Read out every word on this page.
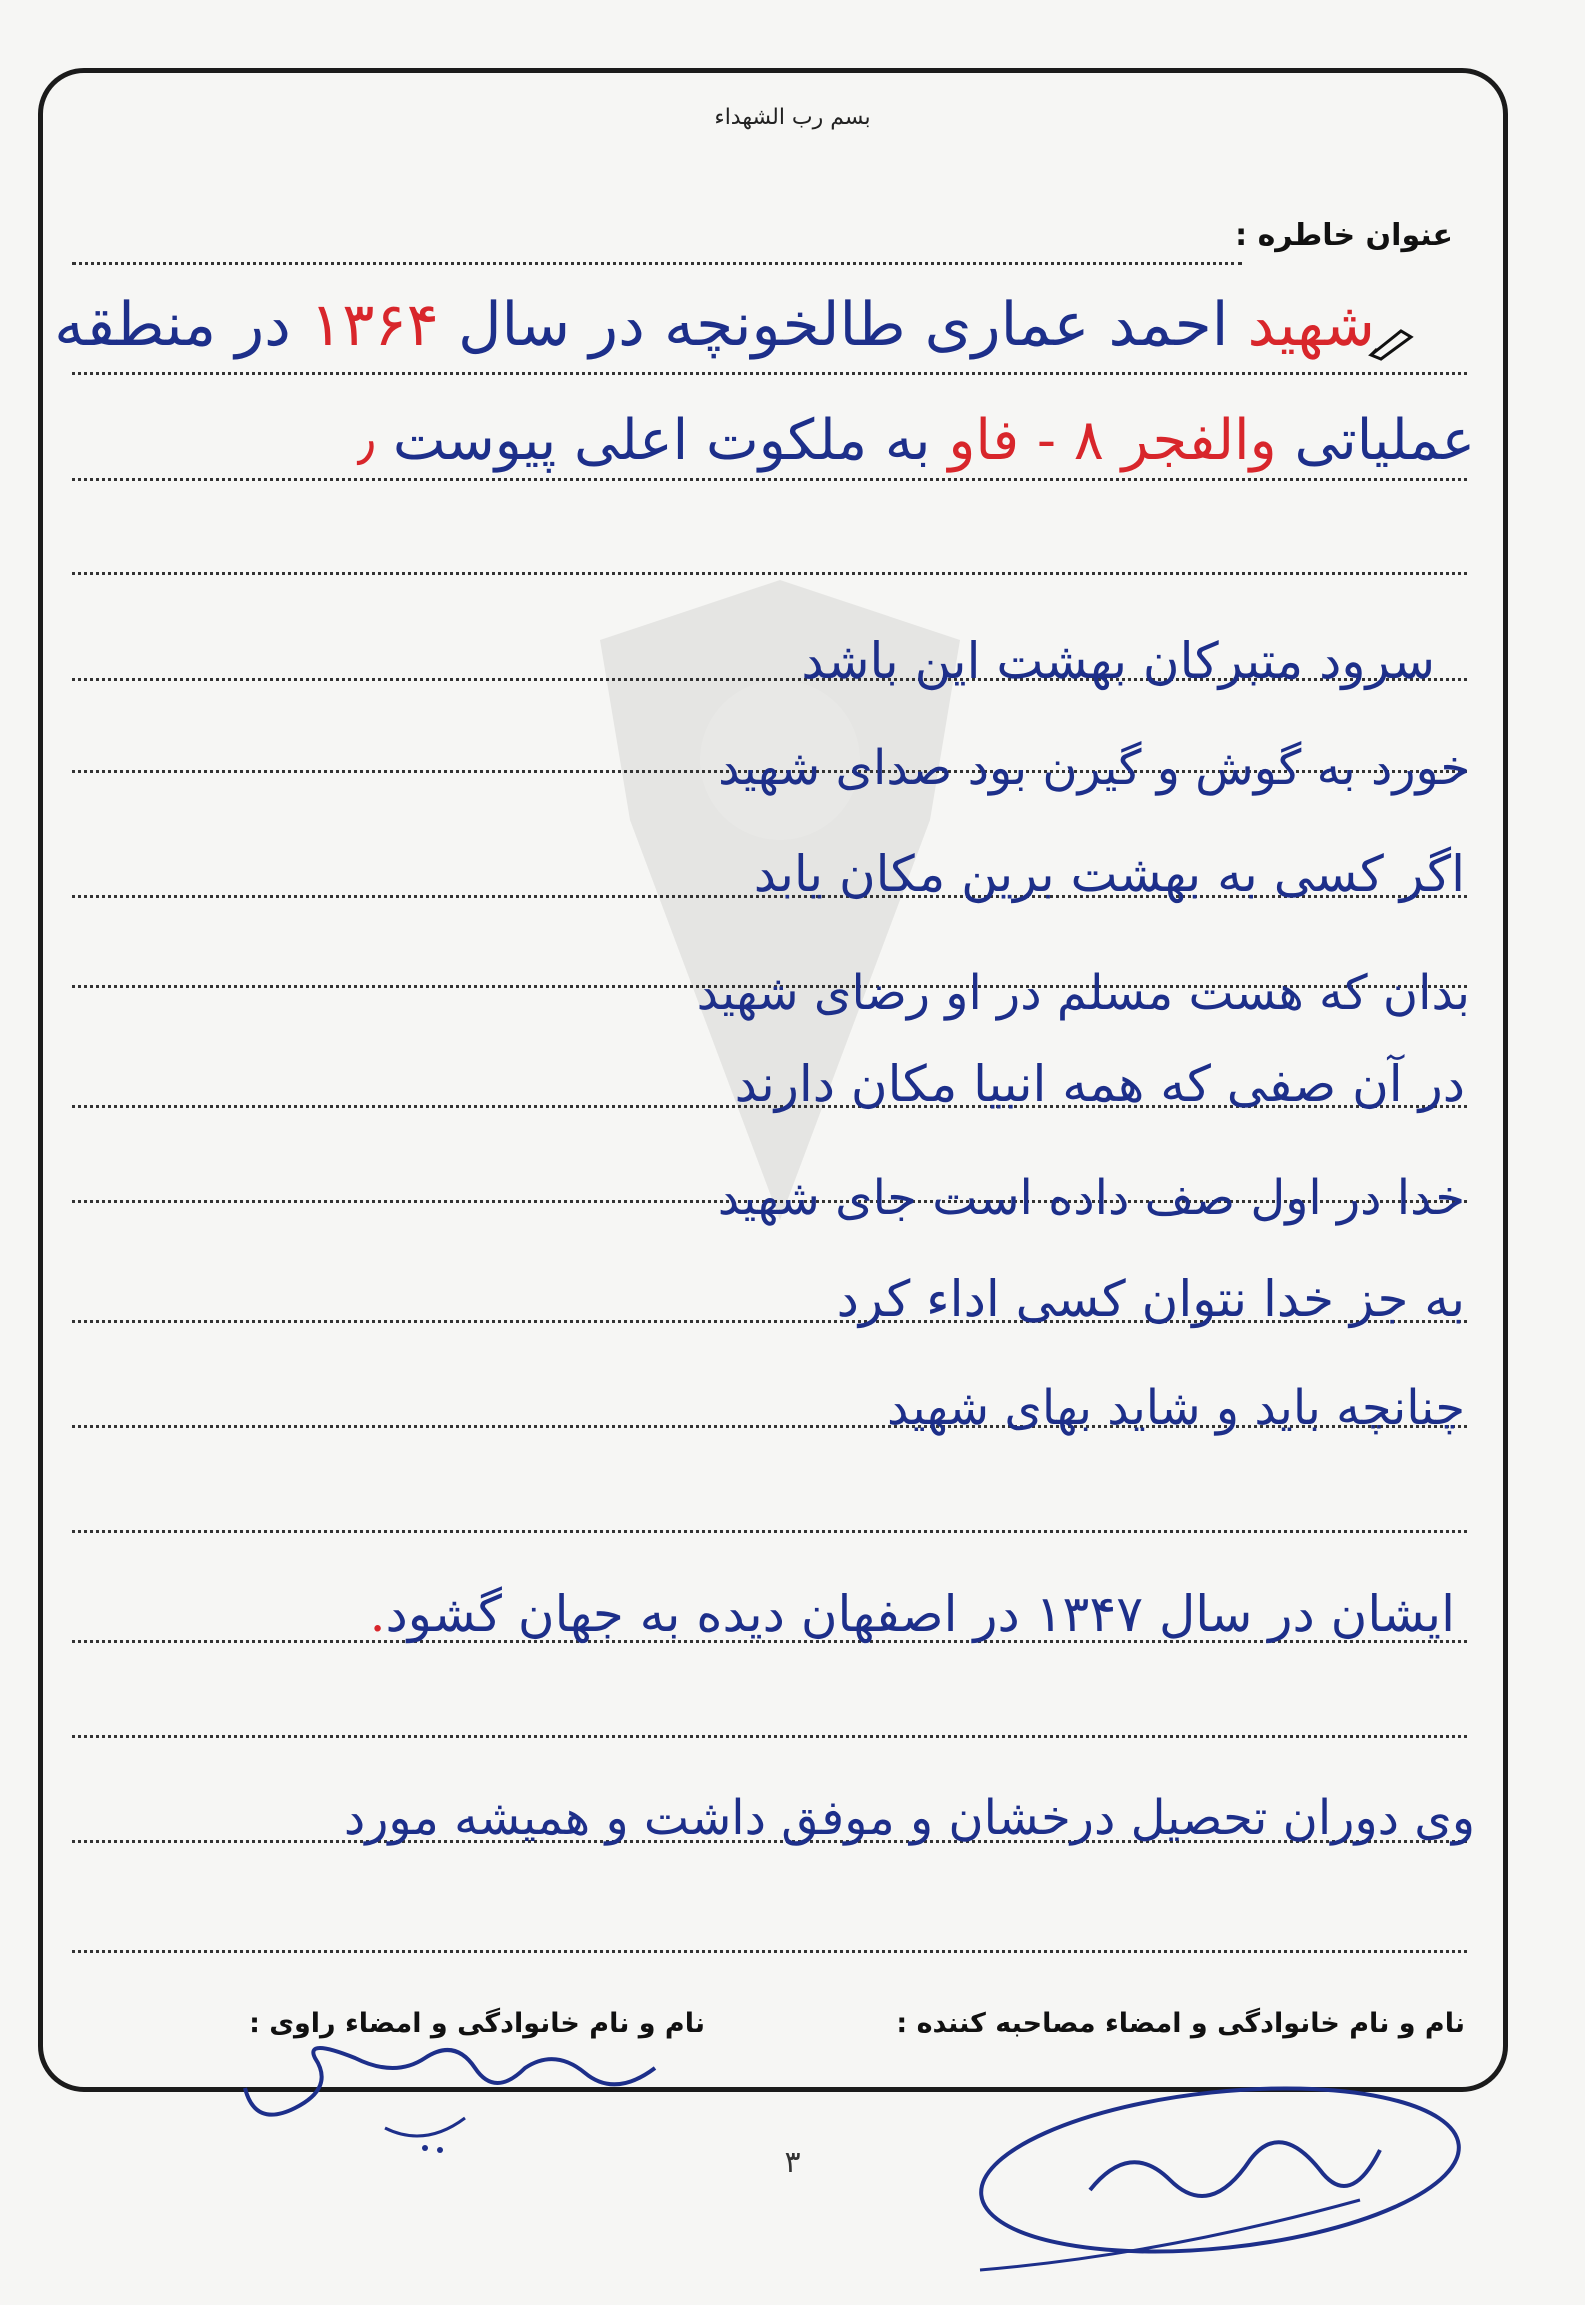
بسم رب الشهداء
عنوان خاطره :
شهید احمد عماری طالخونچه در سال ۱۳۶۴ در منطقه
عملیاتی والفجر ۸ - فاو به ملکوت اعلی پیوست ٫
سرود متبرکان بهشت این باشد
خورد به گوش و گیرن بود صدای شهید
اگر کسی به بهشت برین مکان یابد
بدان که هست مسلم در او رضای شهید
در آن صفی که همه انبیا مکان دارند
خدا در اول صف داده است جای شهید
به جز خدا نتوان کسی اداء کرد
چنانچه باید و شاید بهای شهید
ایشان در سال ۱۳۴۷ در اصفهان دیده به جهان گشود.
وی دوران تحصیل درخشان و موفق داشت و همیشه مورد
نام و نام خانوادگی و امضاء مصاحبه کننده :
نام و نام خانوادگی و امضاء راوی :
۳
